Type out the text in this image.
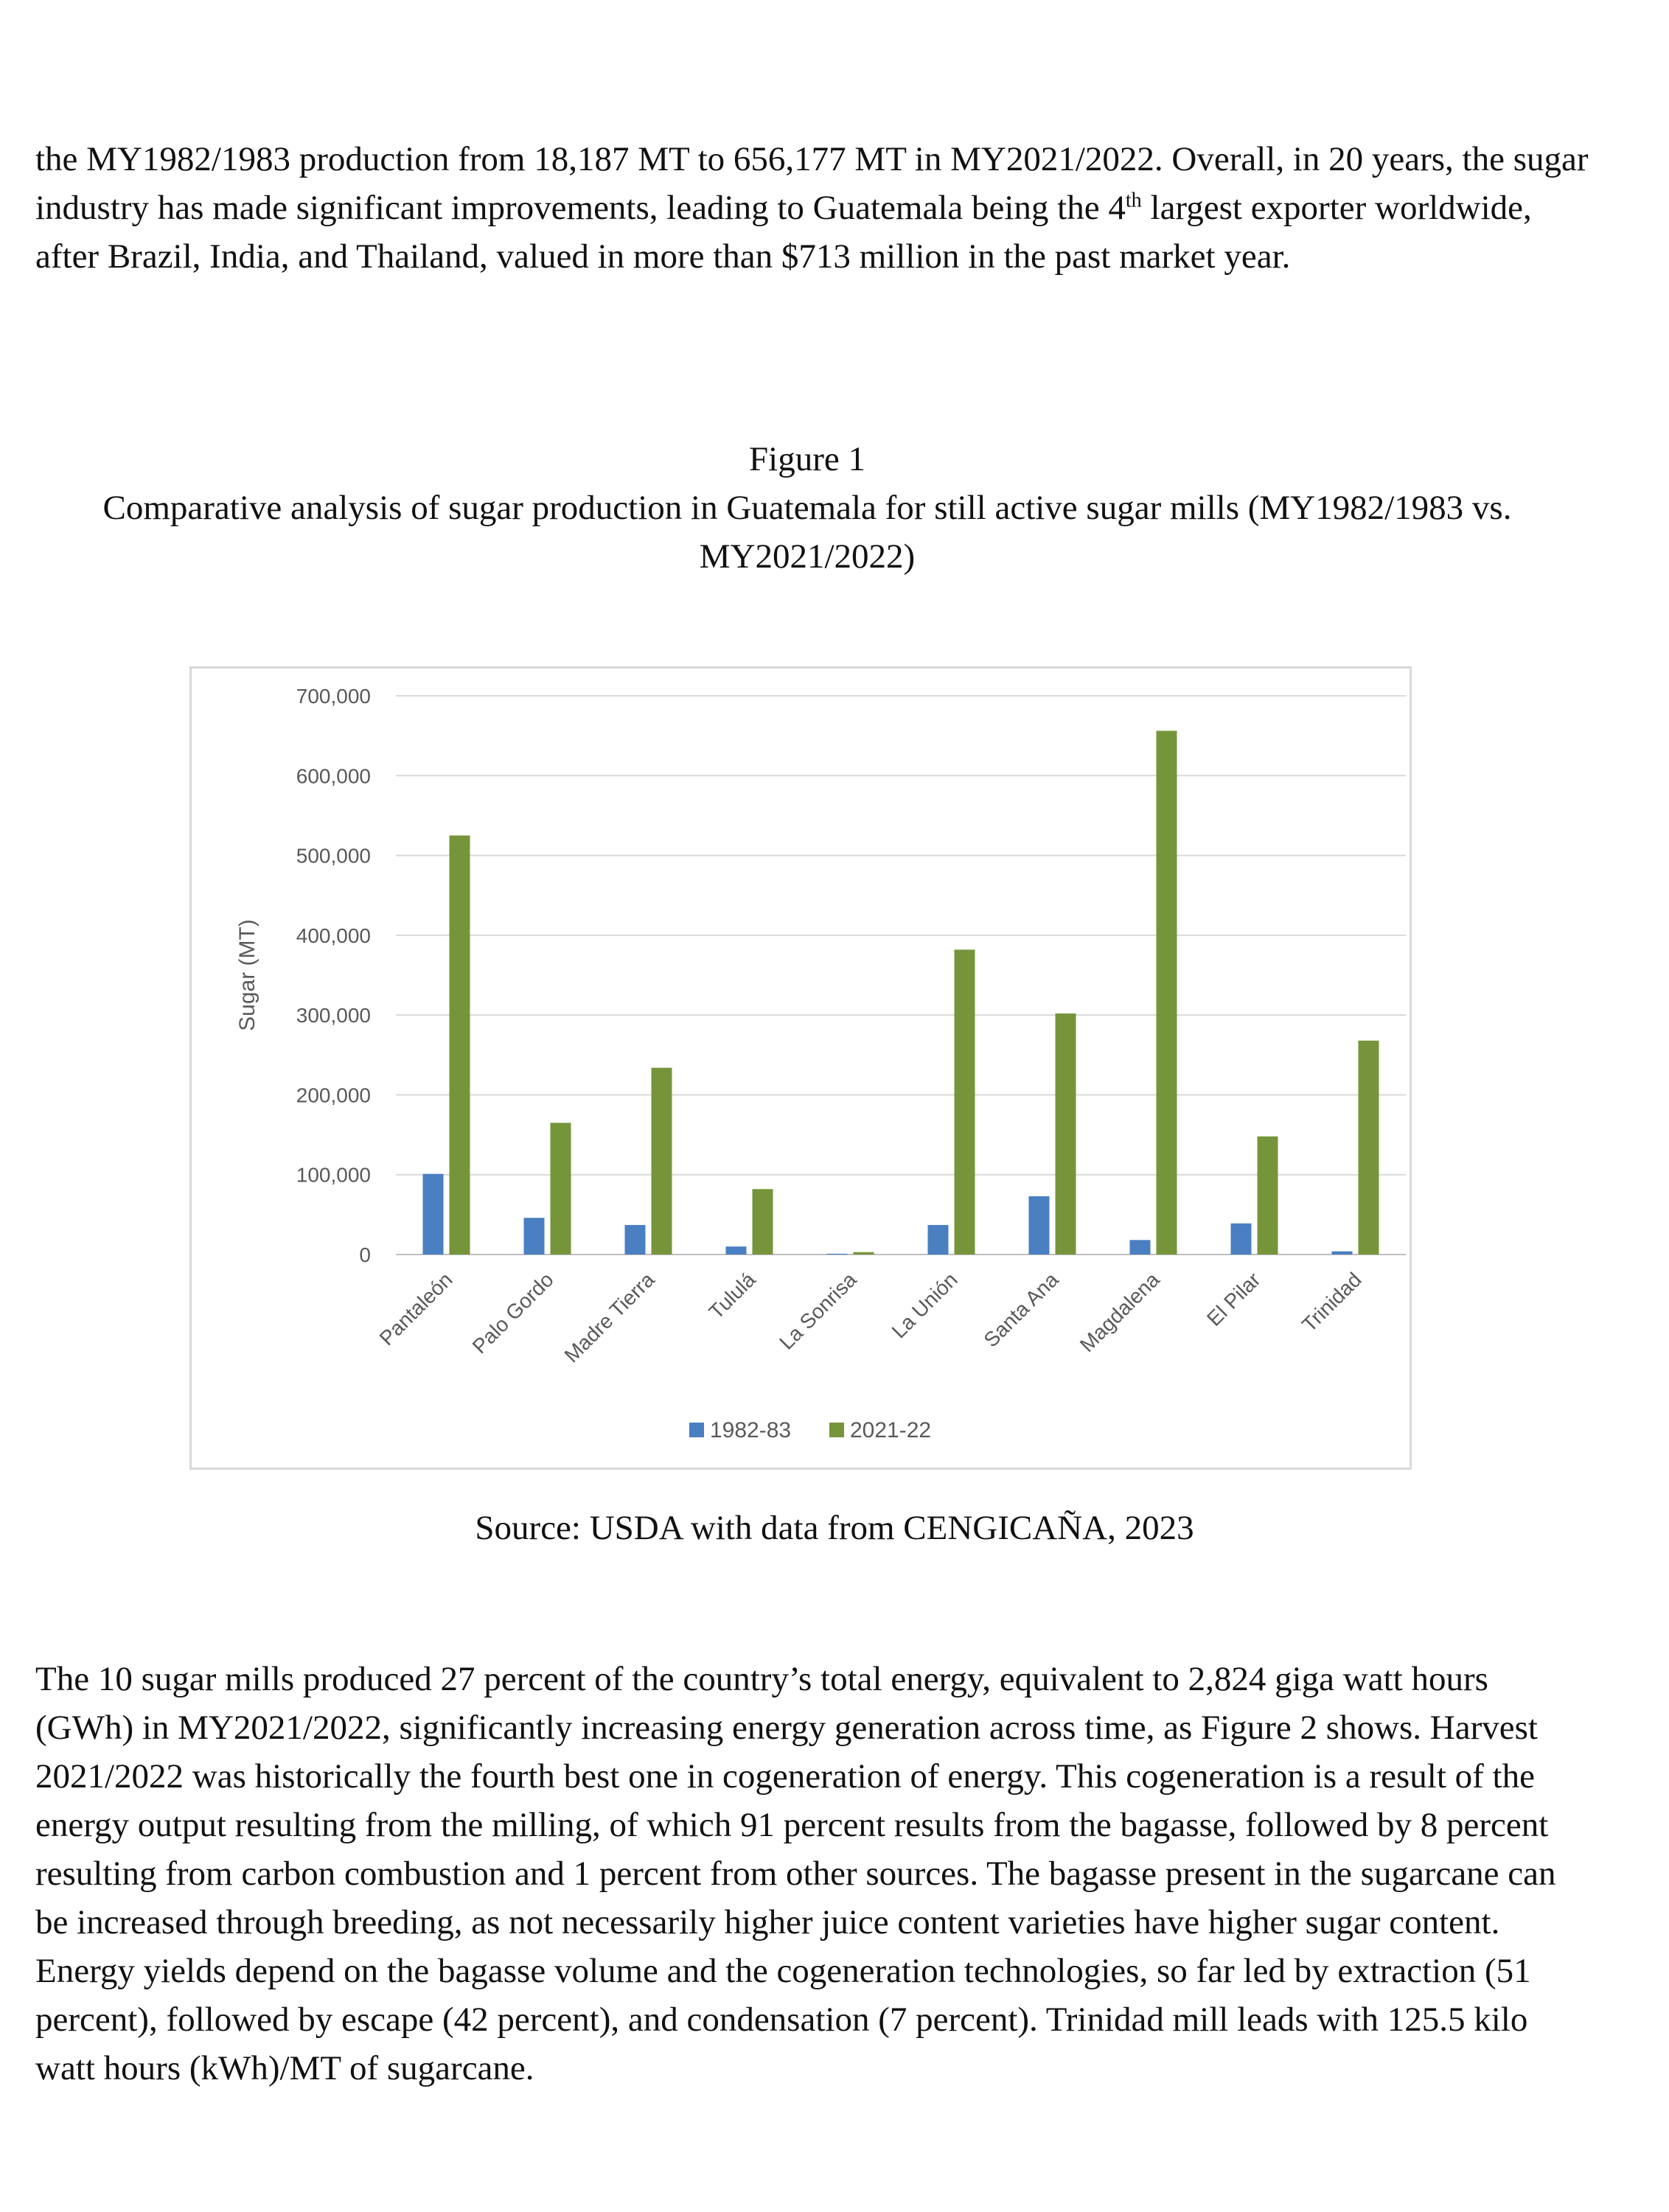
the MY1982/1983 production from 18,187 MT to 656,177 MT in MY2021/2022. Overall, in 20 years, the sugar industry has made significant improvements, leading to Guatemala being the 4th largest exporter worldwide, after Brazil, India, and Thailand, valued in more than $713 million in the past market year.

Figure 1
Comparative analysis of sugar production in Guatemala for still active sugar mills (MY1982/1983 vs. MY2021/2022)
0
100,000
200,000
300,000
400,000
500,000
600,000
700,000
Sugar (MT)
Pantaleón Palo Gordo Madre Tierra Tululá La Sonrisa La Unión Santa Ana Magdalena El Pilar Trinidad
1982-83	2021-22
Source: USDA with data from CENGICAÑA, 2023

The 10 sugar mills produced 27 percent of the country’s total energy, equivalent to 2,824 giga watt hours (GWh) in MY2021/2022, significantly increasing energy generation across time, as Figure 2 shows. Harvest 2021/2022 was historically the fourth best one in cogeneration of energy. This cogeneration is a result of the energy output resulting from the milling, of which 91 percent results from the bagasse, followed by 8 percent resulting from carbon combustion and 1 percent from other sources. The bagasse present in the sugarcane can be increased through breeding, as not necessarily higher juice content varieties have higher sugar content. Energy yields depend on the bagasse volume and the cogeneration technologies, so far led by extraction (51 percent), followed by escape (42 percent), and condensation (7 percent). Trinidad mill leads with 125.5 kilo watt hours (kWh)/MT of sugarcane.
